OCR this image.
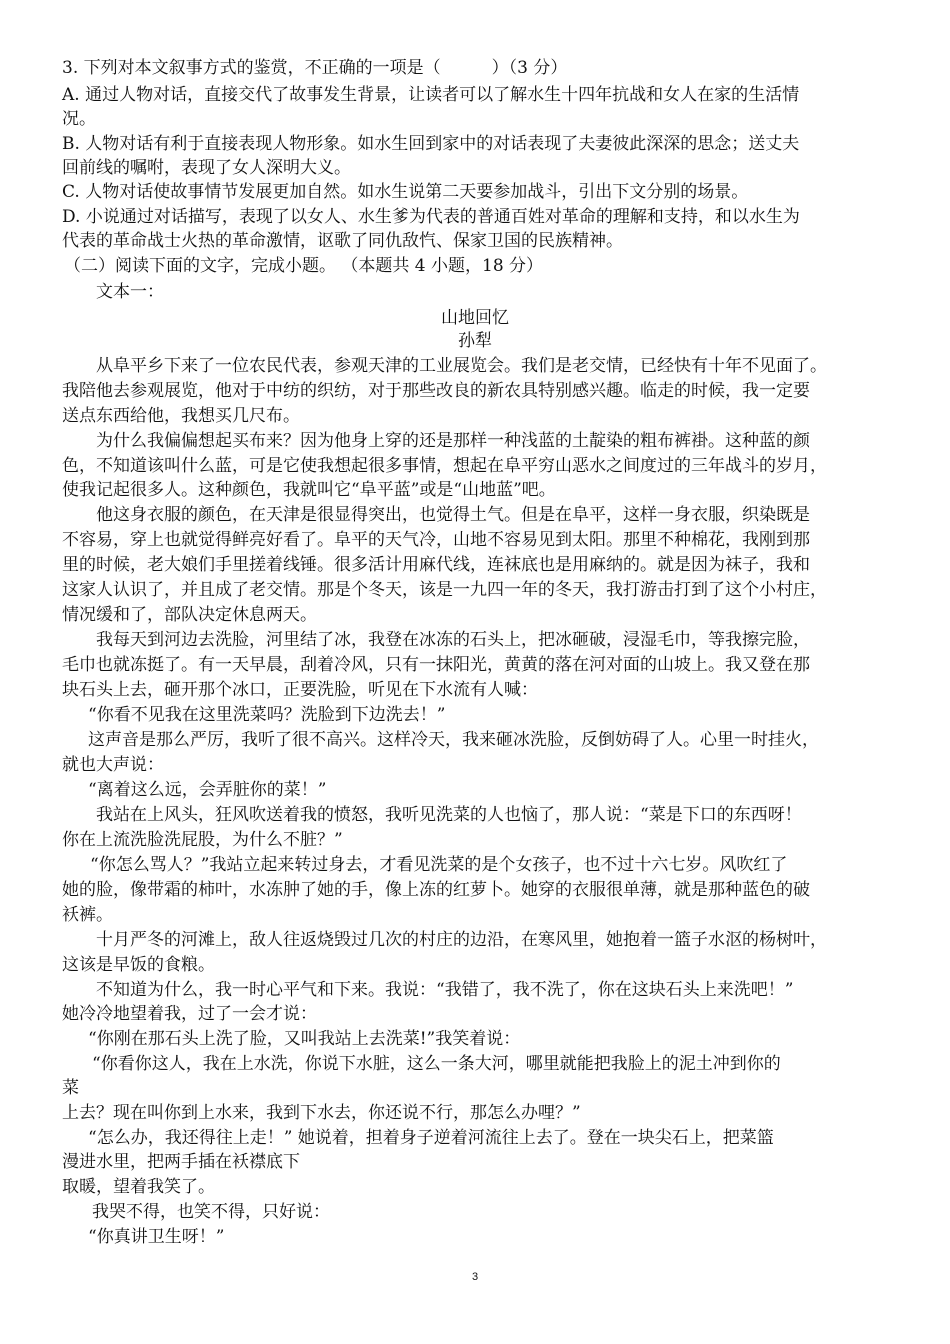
3. 下列对本文叙事方式的鉴赏，不正确的一项是（　　　）（3 分）
A. 通过人物对话，直接交代了故事发生背景，让读者可以了解水生十四年抗战和女人在家的生活情
况。
B. 人物对话有利于直接表现人物形象。如水生回到家中的对话表现了夫妻彼此深深的思念；送丈夫
回前线的嘱咐，表现了女人深明大义。
C. 人物对话使故事情节发展更加自然。如水生说第二天要参加战斗，引出下文分别的场景。
D. 小说通过对话描写，表现了以女人、水生爹为代表的普通百姓对革命的理解和支持，和以水生为
代表的革命战士火热的革命激情，讴歌了同仇敌忾、保家卫国的民族精神。
（二）阅读下面的文字，完成小题。 （本题共 4 小题，18 分）
文本一：
山地回忆
孙犁
从阜平乡下来了一位农民代表，参观天津的工业展览会。我们是老交情，已经快有十年不见面了。
我陪他去参观展览，他对于中纺的织纺，对于那些改良的新农具特别感兴趣。临走的时候，我一定要
送点东西给他，我想买几尺布。
为什么我偏偏想起买布来？因为他身上穿的还是那样一种浅蓝的土靛染的粗布裤褂。这种蓝的颜
色，不知道该叫什么蓝，可是它使我想起很多事情，想起在阜平穷山恶水之间度过的三年战斗的岁月，
使我记起很多人。这种颜色，我就叫它“阜平蓝”或是“山地蓝”吧。
他这身衣服的颜色，在天津是很显得突出，也觉得土气。但是在阜平，这样一身衣服，织染既是
不容易，穿上也就觉得鲜亮好看了。阜平的天气冷，山地不容易见到太阳。那里不种棉花，我刚到那
里的时候，老大娘们手里搓着线锤。很多活计用麻代线，连袜底也是用麻纳的。就是因为袜子，我和
这家人认识了，并且成了老交情。那是个冬天，该是一九四一年的冬天，我打游击打到了这个小村庄，
情况缓和了，部队决定休息两天。
我每天到河边去洗脸，河里结了冰，我登在冰冻的石头上，把冰砸破，浸湿毛巾，等我擦完脸，
毛巾也就冻挺了。有一天早晨，刮着冷风，只有一抹阳光，黄黄的落在河对面的山坡上。我又登在那
块石头上去，砸开那个冰口，正要洗脸，听见在下水流有人喊：
“你看不见我在这里洗菜吗？洗脸到下边洗去！”
这声音是那么严厉，我听了很不高兴。这样冷天，我来砸冰洗脸，反倒妨碍了人。心里一时挂火，
就也大声说：
“离着这么远，会弄脏你的菜！”
我站在上风头，狂风吹送着我的愤怒，我听见洗菜的人也恼了，那人说：“菜是下口的东西呀！
你在上流洗脸洗屁股，为什么不脏？”
“你怎么骂人？”我站立起来转过身去，才看见洗菜的是个女孩子，也不过十六七岁。风吹红了
她的脸，像带霜的柿叶，水冻肿了她的手，像上冻的红萝卜。她穿的衣服很单薄，就是那种蓝色的破
袄裤。
十月严冬的河滩上，敌人往返烧毁过几次的村庄的边沿，在寒风里，她抱着一篮子水沤的杨树叶，
这该是早饭的食粮。
不知道为什么，我一时心平气和下来。我说：“我错了，我不洗了，你在这块石头上来洗吧！”
她冷冷地望着我，过了一会才说：
“你刚在那石头上洗了脸，又叫我站上去洗菜!”我笑着说：
“你看你这人，我在上水洗，你说下水脏，这么一条大河，哪里就能把我脸上的泥土冲到你的
菜
上去？现在叫你到上水来，我到下水去，你还说不行，那怎么办哩？”
“怎么办，我还得往上走！” 她说着，担着身子逆着河流往上去了。登在一块尖石上，把菜篮
漫进水里，把两手插在袄襟底下
取暖，望着我笑了。
我哭不得，也笑不得，只好说：
“你真讲卫生呀！”
3
